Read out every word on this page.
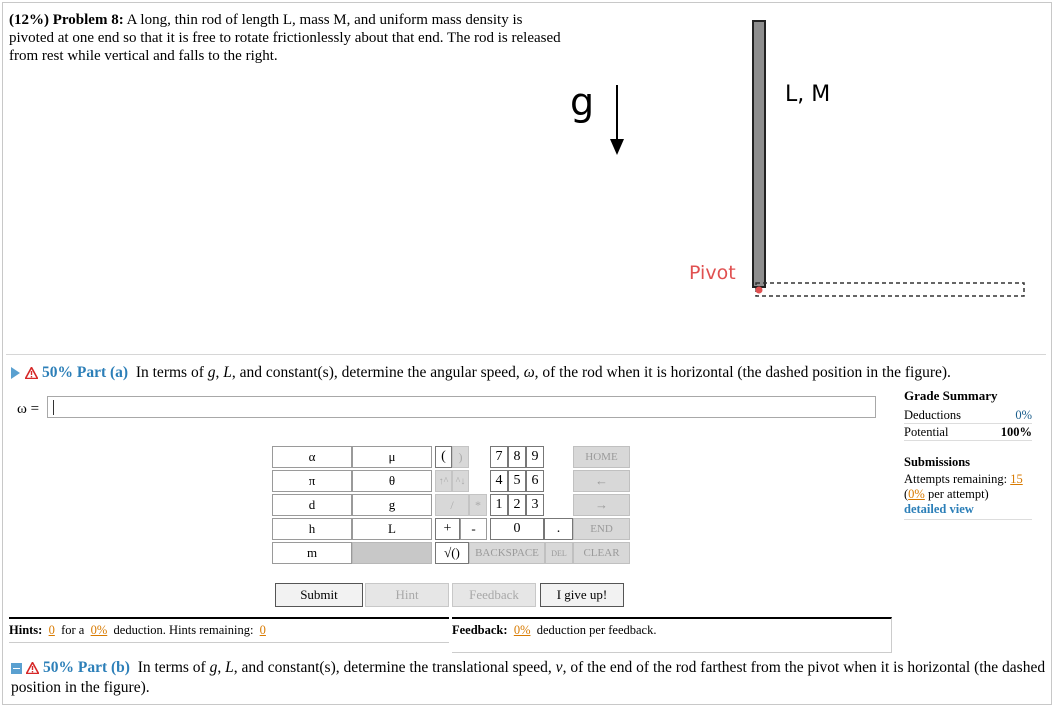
(12%) Problem 8: A long, thin rod of length L, mass M, and uniform mass density is pivoted at one end so that it is free to rotate frictionlessly about that end. The rod is released from rest while vertical and falls to the right.
g	L, M
Pivot
50% Part (a) In terms of g, L, and constant(s), determine the angular speed, ω, of the rod when it is horizontal (the dashed position in the figure).
ω =
Grade Summary
Deductions	0%
Potential	100%
Submissions
Attempts remaining: 15
(0% per attempt)
detailed view
α	μ
π	θ
d	g
h	L
m
(	)
↑^ ^↓
/	*
+	-
√()
7 8 9
4 5 6
1 2 3
0	.
HOME
←
→
END
BACKSPACE	DEL	CLEAR
Submit	Hint	Feedback	I give up!
Hints: 0 for a 0% deduction. Hints remaining: 0	Feedback: 0% deduction per feedback.
50% Part (b) In terms of g, L, and constant(s), determine the translational speed, v, of the end of the rod farthest from the pivot when it is horizontal (the dashed position in the figure).
